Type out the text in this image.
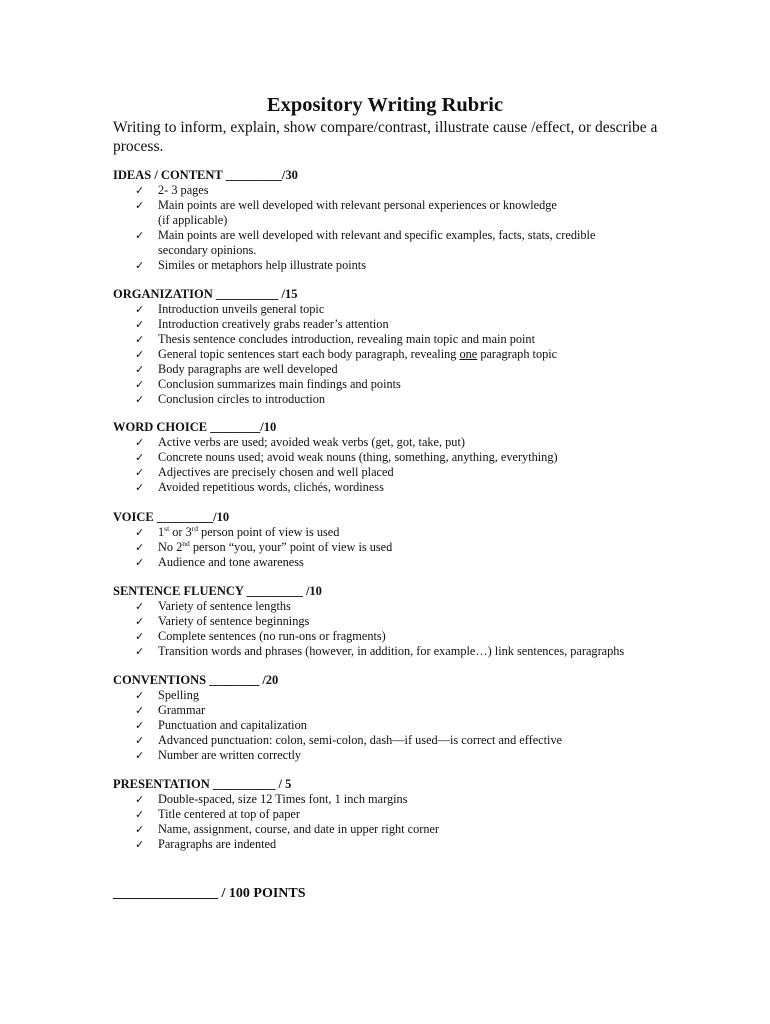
Expository Writing Rubric
Writing to inform, explain, show compare/contrast, illustrate cause /effect, or describe a process.
IDEAS / CONTENT _________/30
✓ 2- 3 pages
✓ Main points are well developed with relevant personal experiences or knowledge
(if applicable)
✓ Main points are well developed with relevant and specific examples, facts, stats, credible
secondary opinions.
✓ Similes or metaphors help illustrate points
ORGANIZATION __________ /15
✓ Introduction unveils general topic
✓ Introduction creatively grabs reader’s attention
✓ Thesis sentence concludes introduction, revealing main topic and main point
✓ General topic sentences start each body paragraph, revealing one paragraph topic
✓ Body paragraphs are well developed
✓ Conclusion summarizes main findings and points
✓ Conclusion circles to introduction
WORD CHOICE ________/10
✓ Active verbs are used; avoided weak verbs (get, got, take, put)
✓ Concrete nouns used; avoid weak nouns (thing, something, anything, everything)
✓ Adjectives are precisely chosen and well placed
✓ Avoided repetitious words, clichés, wordiness
VOICE _________/10
✓ 1st or 3rd person point of view is used
✓ No 2nd person “you, your” point of view is used
✓ Audience and tone awareness
SENTENCE FLUENCY _________ /10
✓ Variety of sentence lengths
✓ Variety of sentence beginnings
✓ Complete sentences (no run-ons or fragments)
✓ Transition words and phrases (however, in addition, for example…) link sentences, paragraphs
CONVENTIONS ________ /20
✓ Spelling
✓ Grammar
✓ Punctuation and capitalization
✓ Advanced punctuation: colon, semi-colon, dash—if used—is correct and effective
✓ Number are written correctly
PRESENTATION __________ / 5
✓ Double-spaced, size 12 Times font, 1 inch margins
✓ Title centered at top of paper
✓ Name, assignment, course, and date in upper right corner
✓ Paragraphs are indented
_______________ / 100 POINTS
